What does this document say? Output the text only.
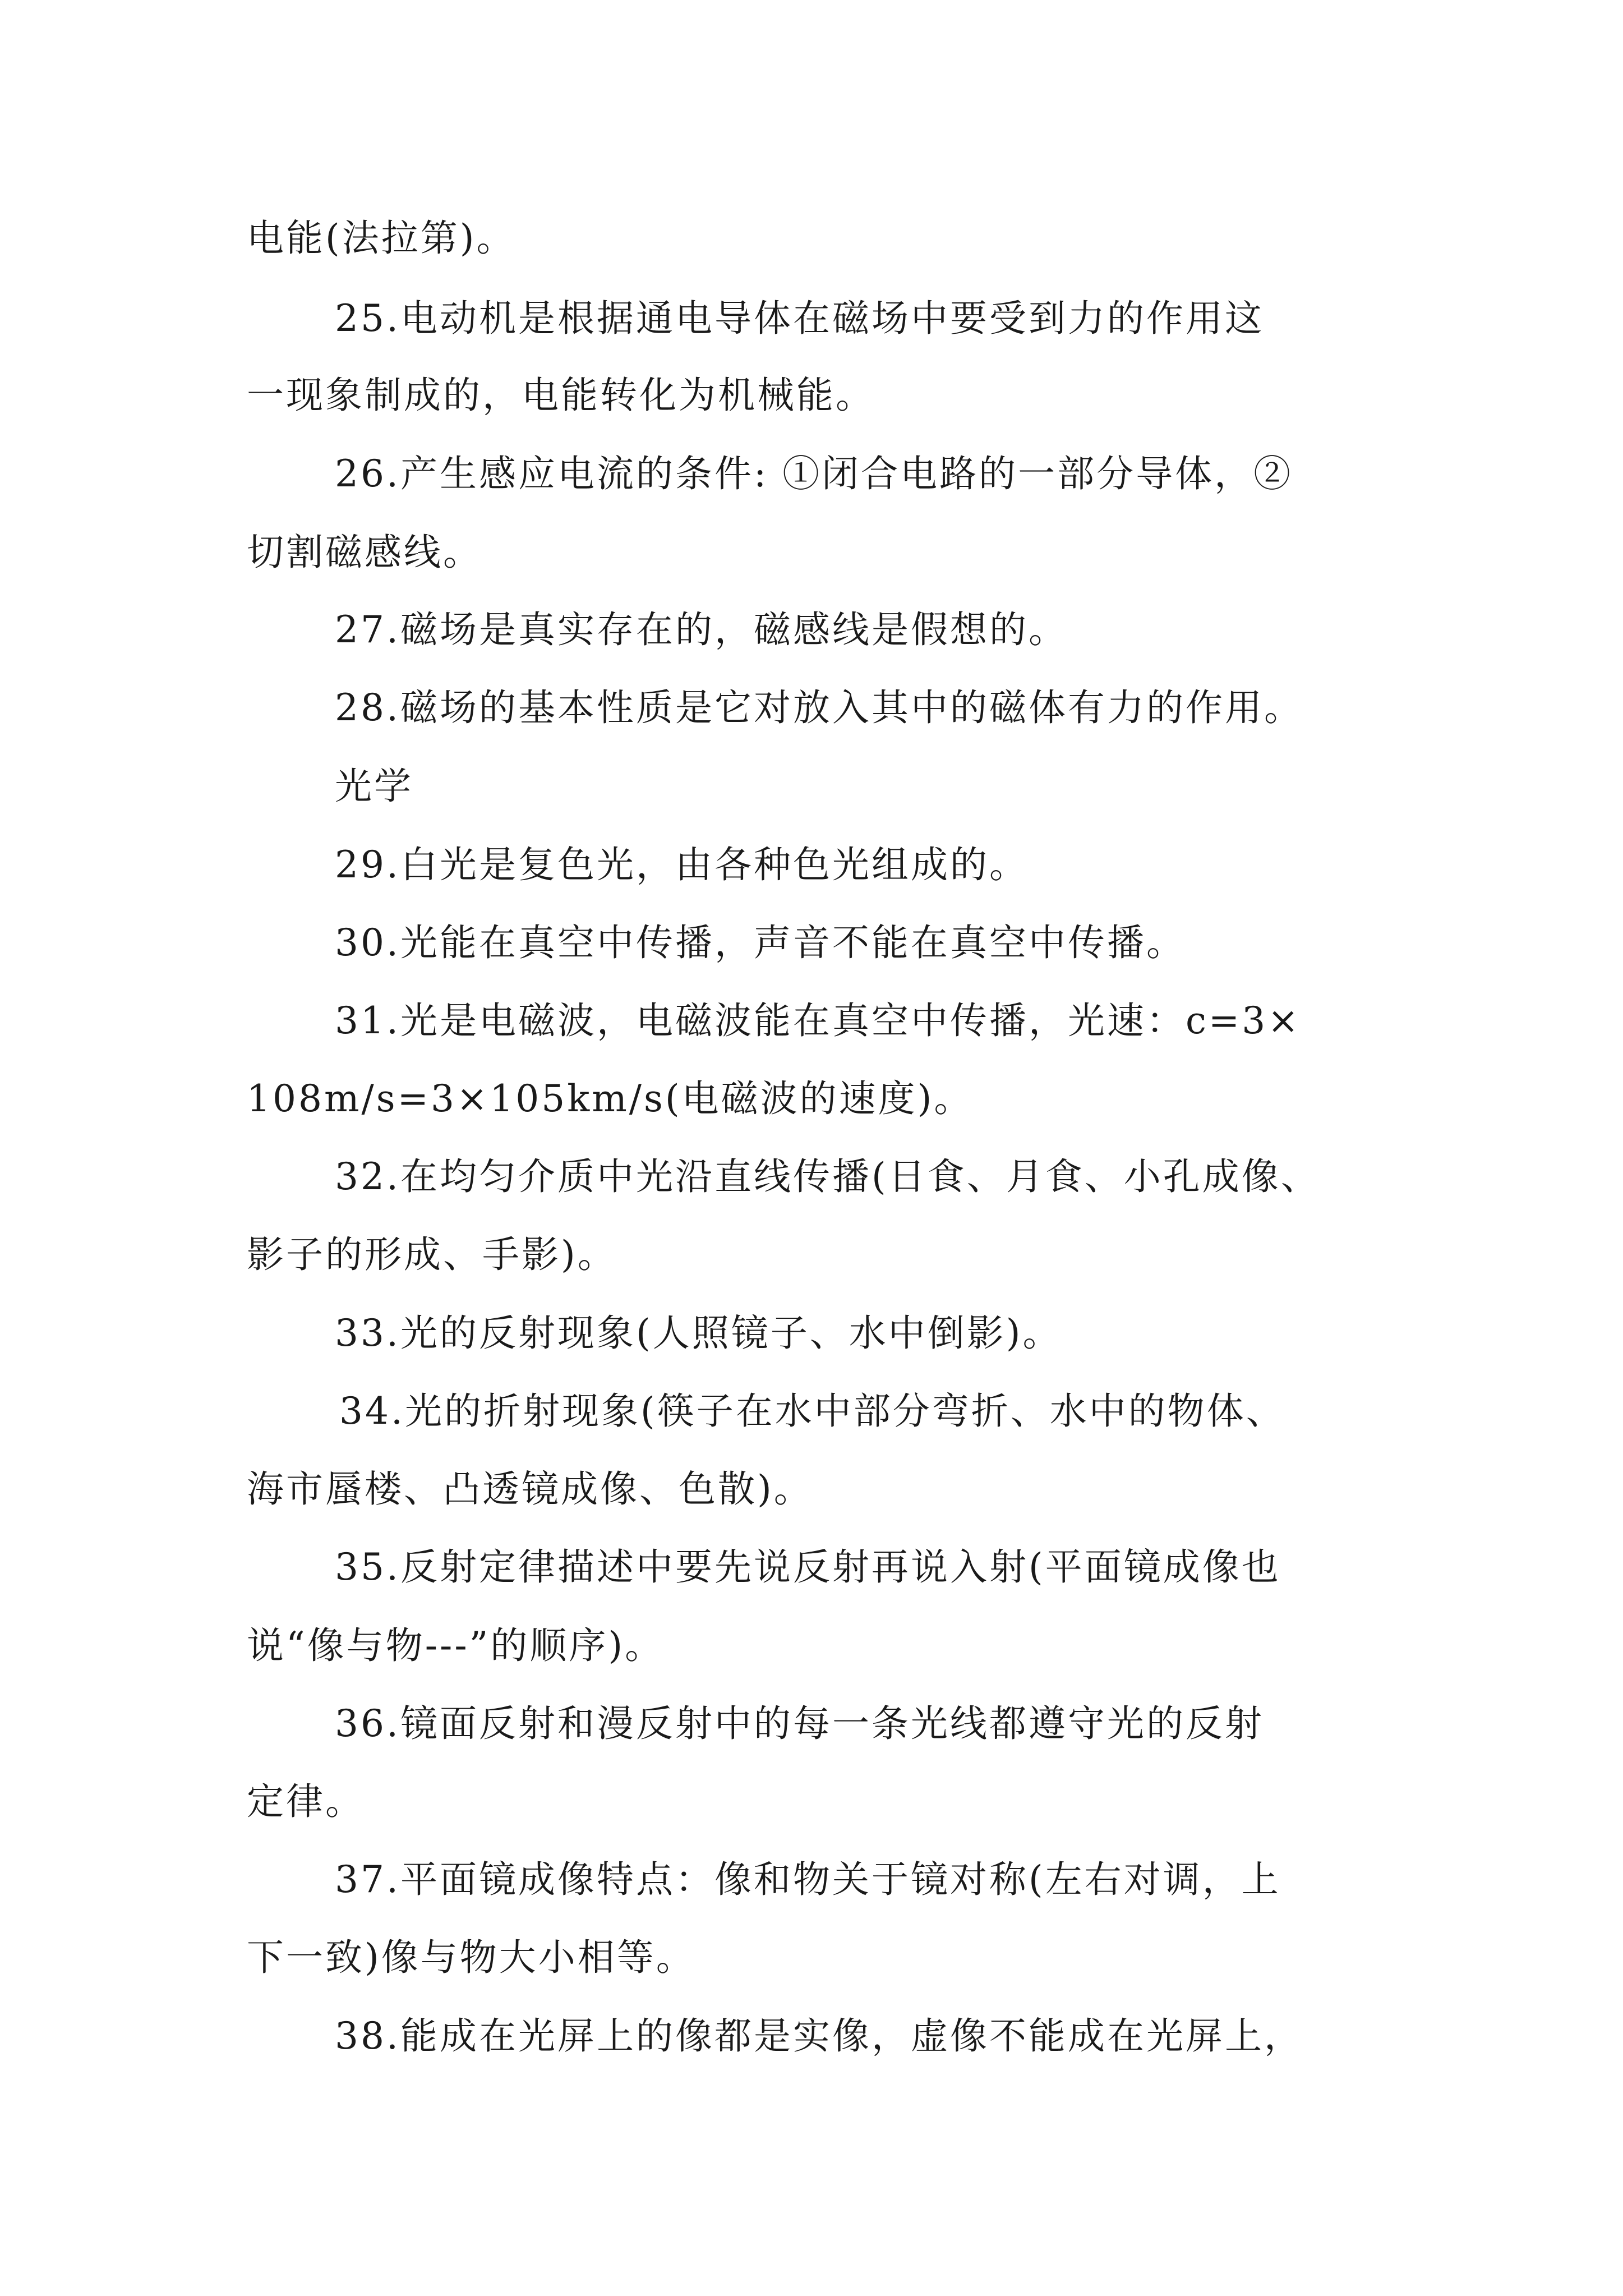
电能(法拉第)。
25.电动机是根据通电导体在磁场中要受到力的作用这
一现象制成的，电能转化为机械能。
26.产生感应电流的条件: ①闭合电路的一部分导体，②
切割磁感线。
27.磁场是真实存在的，磁感线是假想的。
28.磁场的基本性质是它对放入其中的磁体有力的作用。
光学
29.白光是复色光，由各种色光组成的。
30.光能在真空中传播，声音不能在真空中传播。
31.光是电磁波，电磁波能在真空中传播，光速：c=3×
108m/s=3×105km/s(电磁波的速度)。
32.在均匀介质中光沿直线传播(日食、月食、小孔成像、
影子的形成、手影)。
33.光的反射现象(人照镜子、水中倒影)。
34.光的折射现象(筷子在水中部分弯折、水中的物体、
海市蜃楼、凸透镜成像、色散)。
35.反射定律描述中要先说反射再说入射(平面镜成像也
说“像与物---”的顺序)。
36.镜面反射和漫反射中的每一条光线都遵守光的反射
定律。
37.平面镜成像特点：像和物关于镜对称(左右对调，上
下一致)像与物大小相等。
38.能成在光屏上的像都是实像，虚像不能成在光屏上，
